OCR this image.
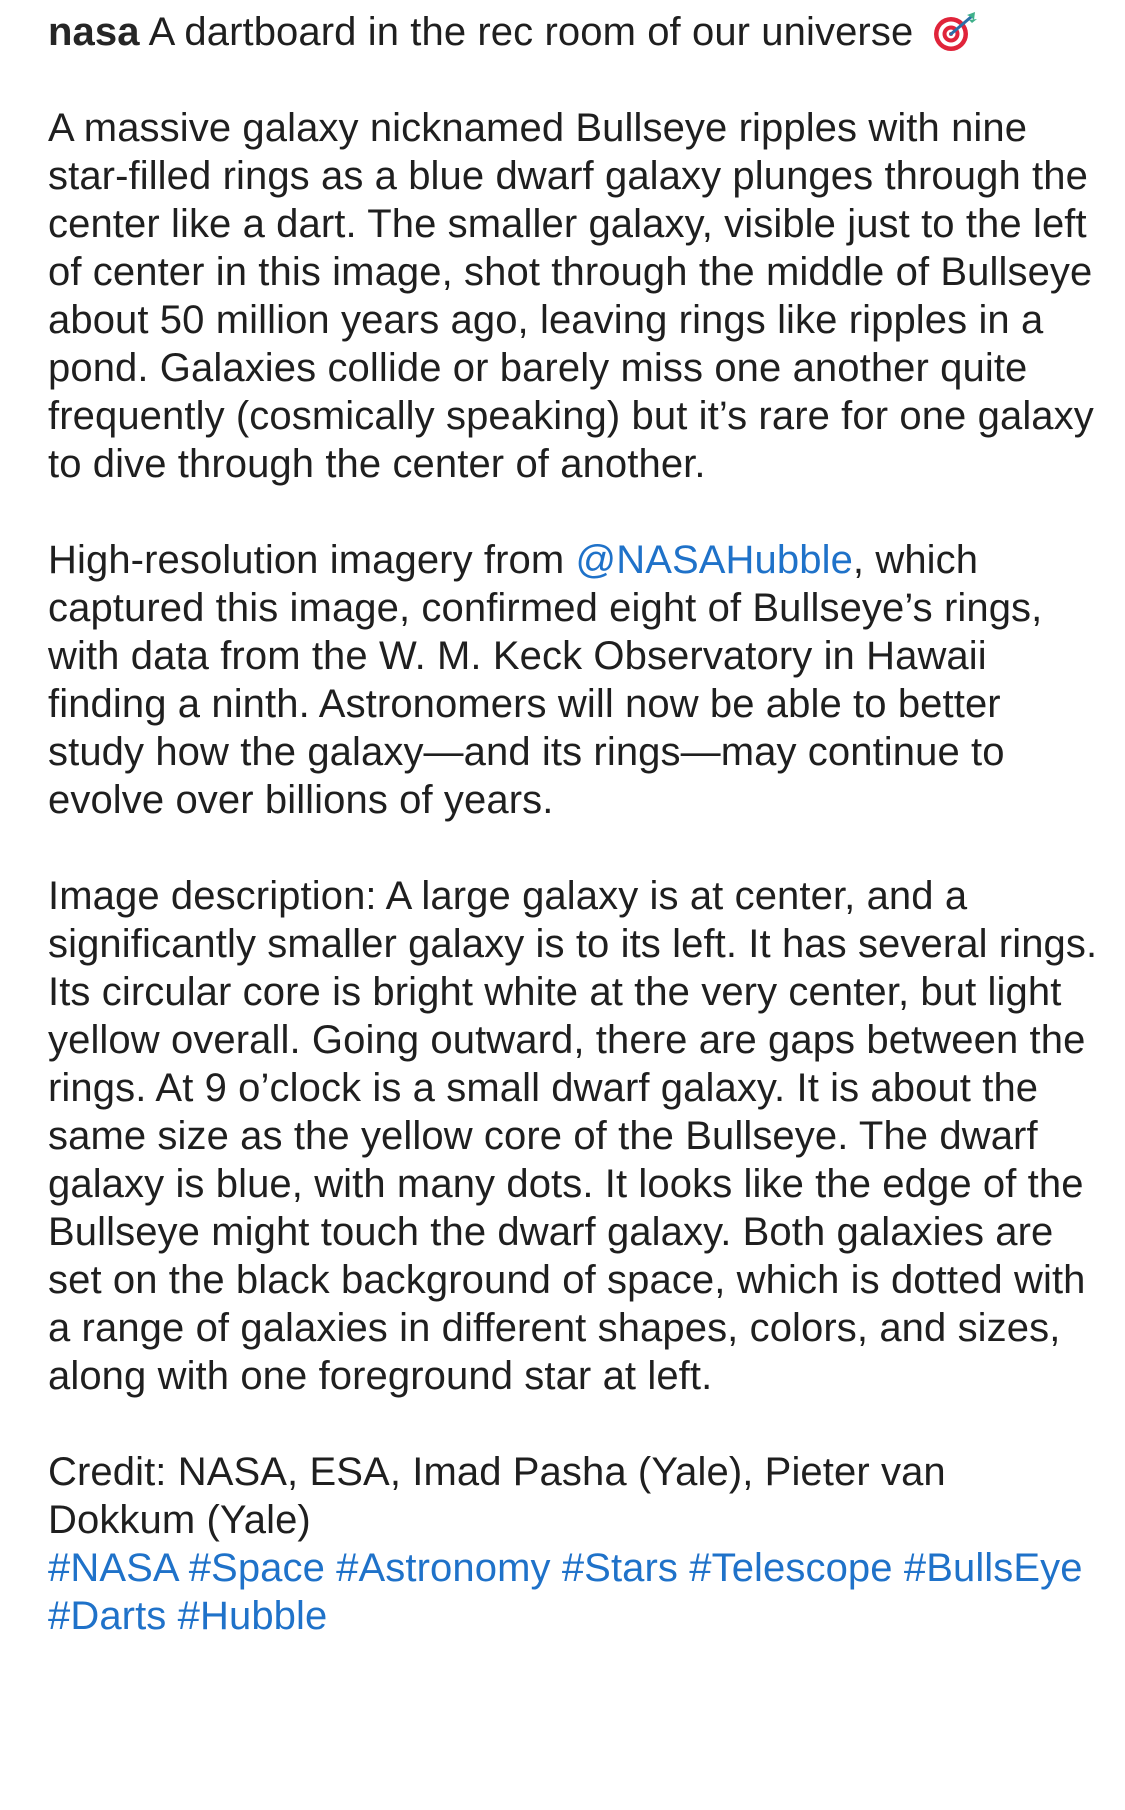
nasa A dartboard in the rec room of our universe

A massive galaxy nicknamed Bullseye ripples with nine star-filled rings as a blue dwarf galaxy plunges through the center like a dart. The smaller galaxy, visible just to the left of center in this image, shot through the middle of Bullseye about 50 million years ago, leaving rings like ripples in a pond. Galaxies collide or barely miss one another quite frequently (cosmically speaking) but it’s rare for one galaxy to dive through the center of another.

High-resolution imagery from @NASAHubble, which captured this image, confirmed eight of Bullseye’s rings, with data from the W. M. Keck Observatory in Hawaii finding a ninth. Astronomers will now be able to better study how the galaxy—and its rings—may continue to evolve over billions of years.

Image description: A large galaxy is at center, and a significantly smaller galaxy is to its left. It has several rings. Its circular core is bright white at the very center, but light yellow overall. Going outward, there are gaps between the rings. At 9 o’clock is a small dwarf galaxy. It is about the same size as the yellow core of the Bullseye. The dwarf galaxy is blue, with many dots. It looks like the edge of the Bullseye might touch the dwarf galaxy. Both galaxies are set on the black background of space, which is dotted with a range of galaxies in different shapes, colors, and sizes, along with one foreground star at left.

Credit: NASA, ESA, Imad Pasha (Yale), Pieter van Dokkum (Yale)

#NASA #Space #Astronomy #Stars #Telescope #BullsEye #Darts #Hubble
